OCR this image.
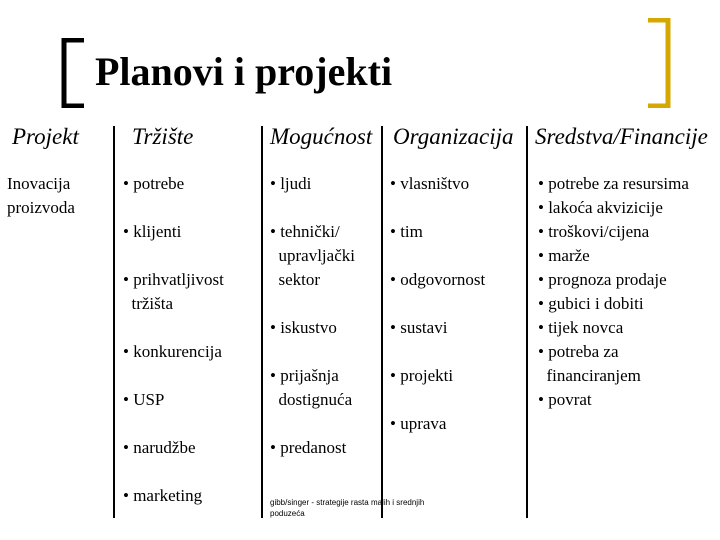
Planovi i projekti
Projekt Tržište	Mogućnost Organizacija Sredstva/Financije
Inovacija
proizvoda
• potrebe
• klijenti
• prihvatljivost
tržišta
• konkurencija
• USP
• narudžbe
• marketing
• ljudi
• tehnički/
upravljački
sektor
• iskustvo
• prijašnja
dostignuća
• predanost
• vlasništvo
• tim
• odgovornost
• sustavi
• projekti
• uprava
• potrebe za resursima
• lakoća akvizicije
• troškovi/cijena
• marže
• prognoza prodaje
• gubici i dobiti
• tijek novca
• potreba za
financiranjem
• povrat
gibb/singer - strategije rasta malih i srednjih
poduzeća
